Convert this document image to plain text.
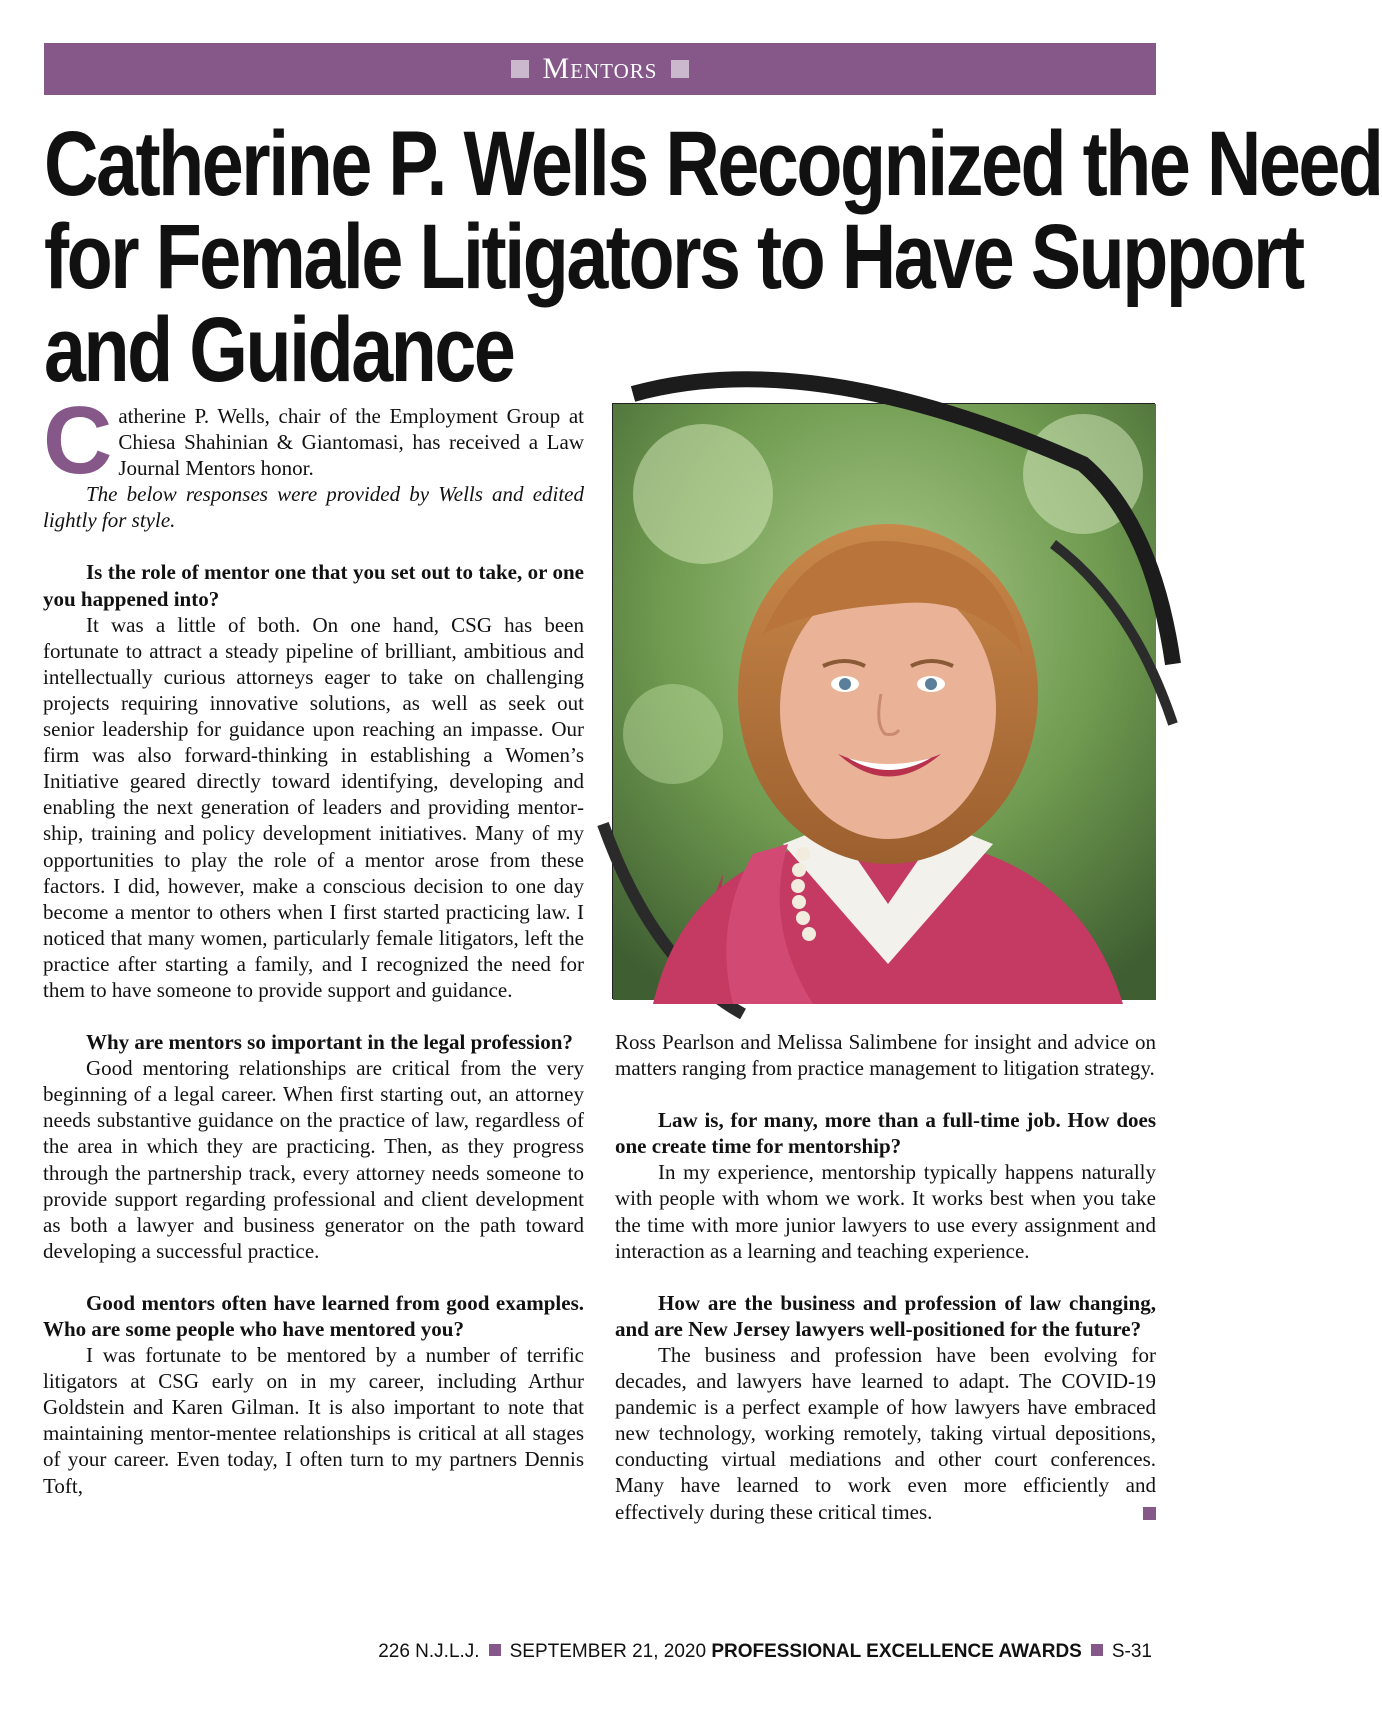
Mentors
Catherine P. Wells Recognized the Need
for Female Litigators to Have Support
and Guidance

Catherine P. Wells, chair of the Employment Group at Chiesa Shahinian & Giantomasi, has received a Law Journal Mentors honor.

The below responses were provided by Wells and edited lightly for style.

Is the role of mentor one that you set out to take, or one you happened into?

It was a little of both. On one hand, CSG has been fortunate to attract a steady pipeline of brilliant, ambitious and intellectually curious attorneys eager to take on challenging projects requiring innovative solutions, as well as seek out senior leadership for guidance upon reaching an impasse. Our firm was also forward-thinking in establishing a Women’s Initiative geared directly toward identifying, developing and enabling the next generation of leaders and providing mentorship, training and policy development initiatives. Many of my opportunities to play the role of a mentor arose from these factors. I did, however, make a conscious decision to one day become a mentor to others when I first started practicing law. I noticed that many women, particularly female litigators, left the practice after starting a family, and I recognized the need for them to have someone to provide support and guidance.

Why are mentors so important in the legal profession?

Good mentoring relationships are critical from the very beginning of a legal career. When first starting out, an attorney needs substantive guidance on the practice of law, regardless of the area in which they are practicing. Then, as they progress through the partnership track, every attorney needs someone to provide support regarding professional and client development as both a lawyer and business generator on the path toward developing a successful practice.

Good mentors often have learned from good examples. Who are some people who have mentored you?

I was fortunate to be mentored by a number of terrific litigators at CSG early on in my career, including Arthur Goldstein and Karen Gilman. It is also important to note that maintaining mentor-mentee relationships is critical at all stages of your career. Even today, I often turn to my partners Dennis Toft,

Ross Pearlson and Melissa Salimbene for insight and advice on matters ranging from practice management to litigation strategy.

Law is, for many, more than a full-time job. How does one create time for mentorship?

In my experience, mentorship typically happens naturally with people with whom we work. It works best when you take the time with more junior lawyers to use every assignment and interaction as a learning and teaching experience.

How are the business and profession of law changing, and are New Jersey lawyers well-positioned for the future?

The business and profession have been evolving for decades, and lawyers have learned to adapt. The COVID-19 pandemic is a perfect example of how lawyers have embraced new technology, working remotely, taking virtual depositions, conducting virtual mediations and other court conferences. Many have learned to work even more efficiently and effectively during these critical times.

226 N.J.L.J. SEPTEMBER 21, 2020 PROFESSIONAL EXCELLENCE AWARDS S-31
